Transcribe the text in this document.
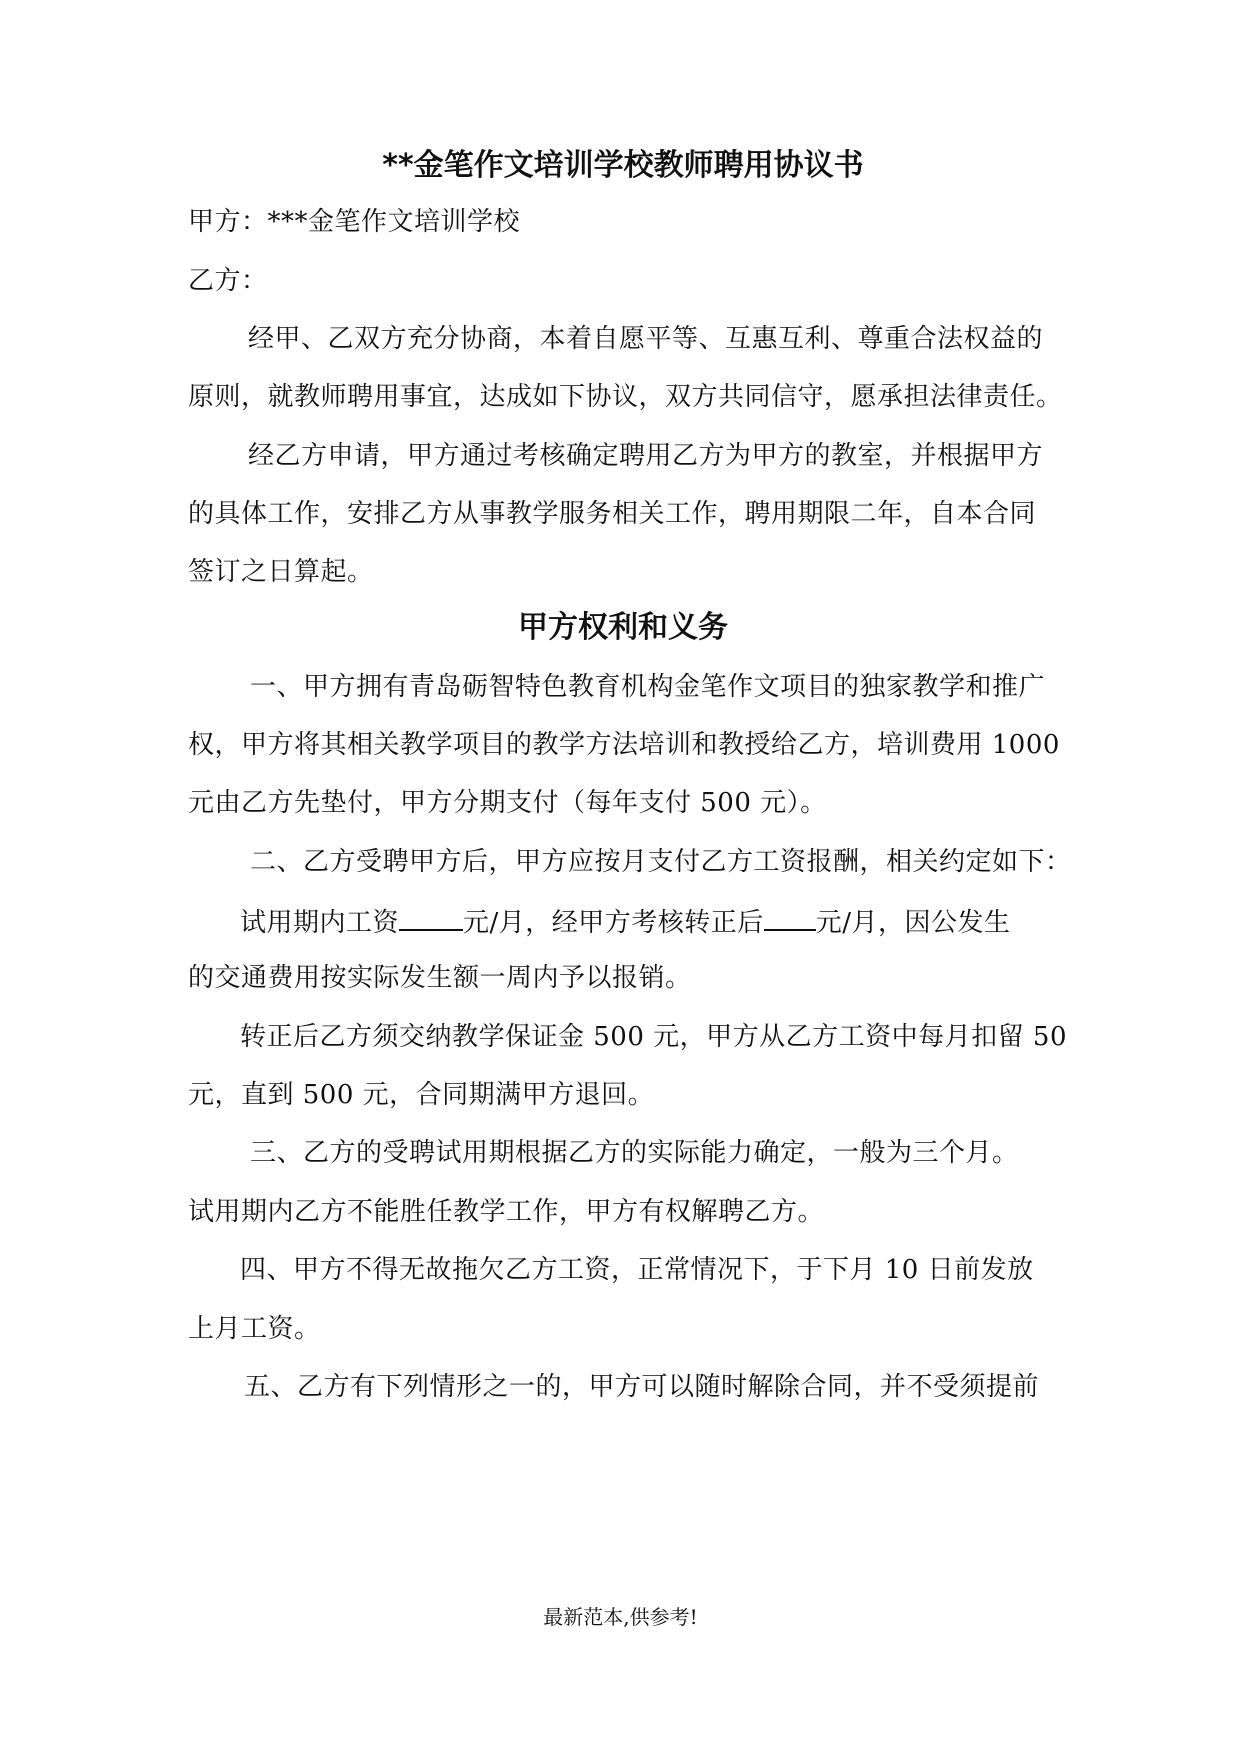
**金笔作文培训学校教师聘用协议书
甲方：***金笔作文培训学校
乙方：
经甲、乙双方充分协商，本着自愿平等、互惠互利、尊重合法权益的
原则，就教师聘用事宜，达成如下协议，双方共同信守，愿承担法律责任。
经乙方申请，甲方通过考核确定聘用乙方为甲方的教室，并根据甲方
的具体工作，安排乙方从事教学服务相关工作，聘用期限二年，自本合同
签订之日算起。
甲方权利和义务
一、甲方拥有青岛砺智特色教育机构金笔作文项目的独家教学和推广
权，甲方将其相关教学项目的教学方法培训和教授给乙方，培训费用 1000
元由乙方先垫付，甲方分期支付（每年支付 500 元）。
二、乙方受聘甲方后，甲方应按月支付乙方工资报酬，相关约定如下：
试用期内工资 元/月，经甲方考核转正后 元/月，因公发生
的交通费用按实际发生额一周内予以报销。
转正后乙方须交纳教学保证金 500 元，甲方从乙方工资中每月扣留 50
元，直到 500 元，合同期满甲方退回。
三、乙方的受聘试用期根据乙方的实际能力确定，一般为三个月。
试用期内乙方不能胜任教学工作，甲方有权解聘乙方。
四、甲方不得无故拖欠乙方工资，正常情况下，于下月 10 日前发放
上月工资。
五、乙方有下列情形之一的，甲方可以随时解除合同，并不受须提前
最新范本,供参考!
